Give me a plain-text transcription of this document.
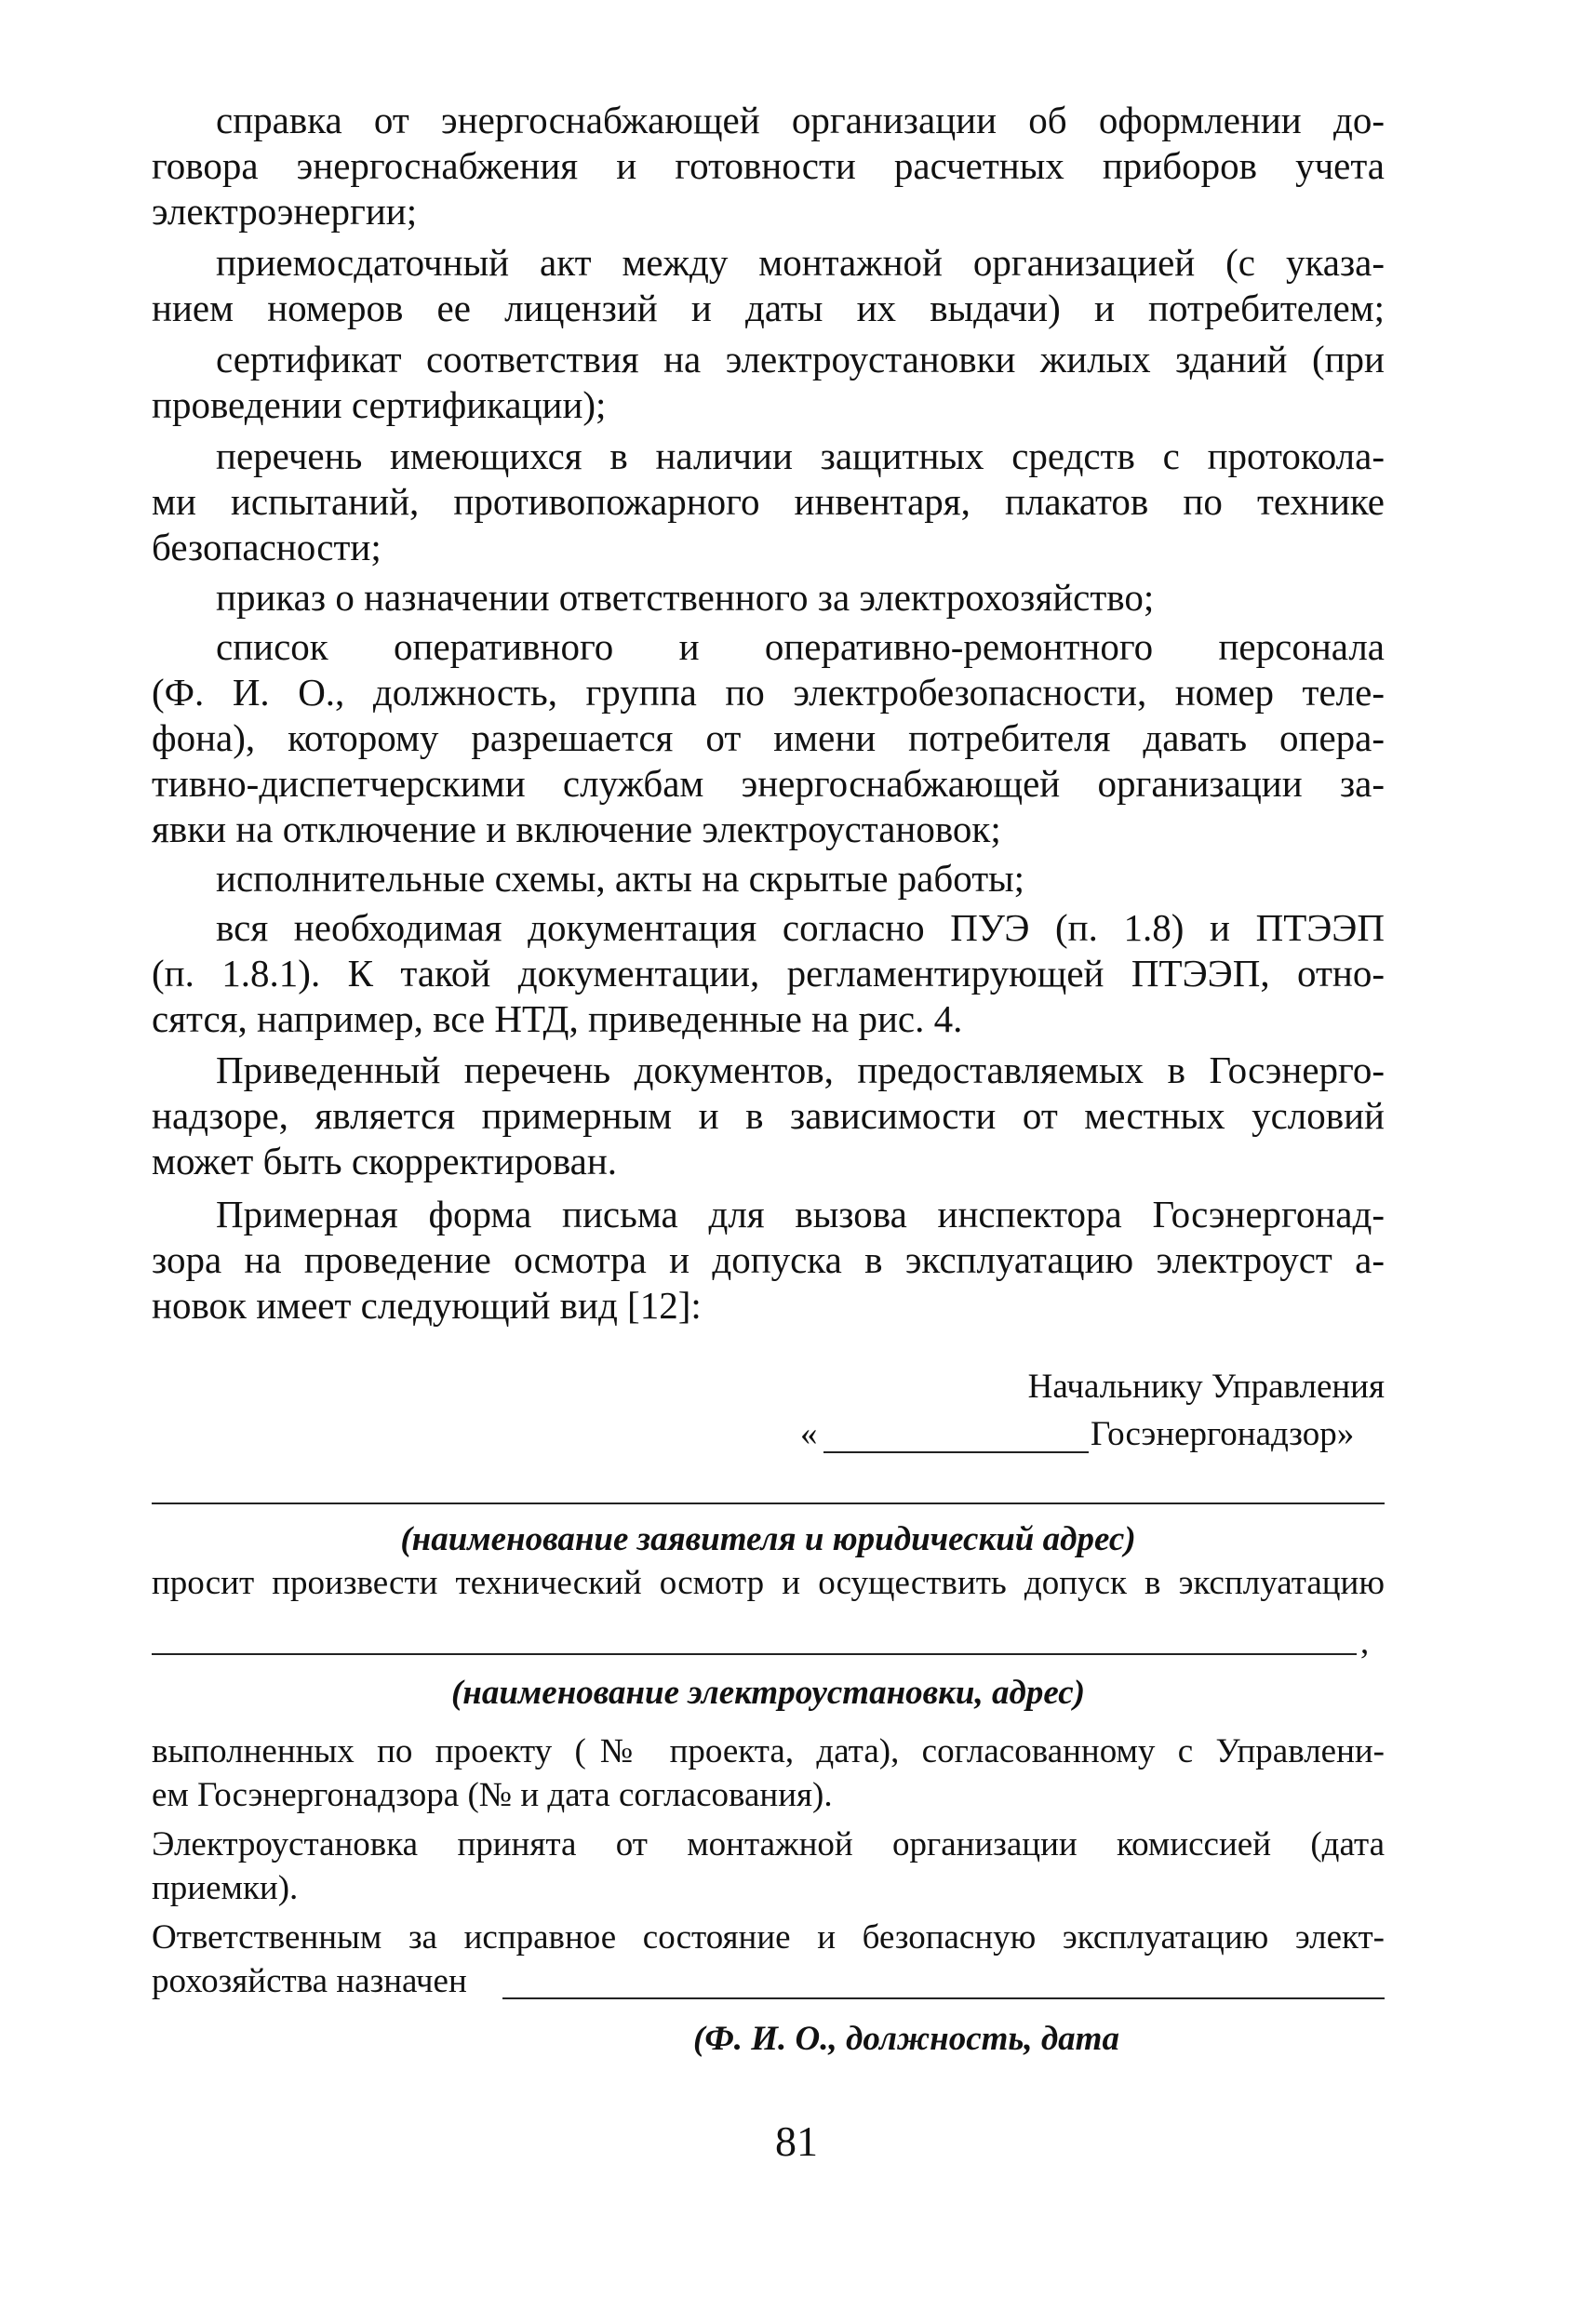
справка от энергоснабжающей организации об оформлении до-
говора энергоснабжения и готовности расчетных приборов учета
электроэнергии;
приемосдаточный акт между монтажной организацией (с указа-
нием номеров ее лицензий и даты их выдачи) и потребителем;
сертификат соответствия на электроустановки жилых зданий (при
проведении сертификации);
перечень имеющихся в наличии защитных средств с протокола-
ми испытаний, противопожарного инвентаря, плакатов по технике
безопасности;
приказ о назначении ответственного за электрохозяйство;
список оперативного и оперативно-ремонтного персонала
(Ф. И. О., должность, группа по электробезопасности, номер теле-
фона), которому разрешается от имени потребителя давать опера-
тивно-диспетчерскими службам энергоснабжающей организации за-
явки на отключение и включение электроустановок;
исполнительные схемы, акты на скрытые работы;
вся необходимая документация согласно ПУЭ (п. 1.8) и ПТЭЭП
(п. 1.8.1). К такой документации, регламентирующей ПТЭЭП, отно-
сятся, например, все НТД, приведенные на рис. 4.
Приведенный перечень документов, предоставляемых в Госэнерго-
надзоре, является примерным и в зависимости от местных условий
может быть скорректирован.
Примерная форма письма для вызова инспектора Госэнергонад-
зора на проведение осмотра и допуска в эксплуатацию электроуст а-
новок имеет следующий вид [12]:
Начальнику Управления
«	Госэнергонадзор»
(наименование заявителя и юридический адрес)
просит произвести технический осмотр и осуществить допуск в эксплуатацию
,
(наименование электроустановки, адрес)
выполненных по проекту (№ проекта, дата), согласованному с Управлени-
ем Госэнергонадзора (№ и дата согласования).
Электроустановка принята от монтажной организации комиссией (дата
приемки).
Ответственным за исправное состояние и безопасную эксплуатацию элект-
рохозяйства назначен
(Ф. И. О., должность, дата
81
